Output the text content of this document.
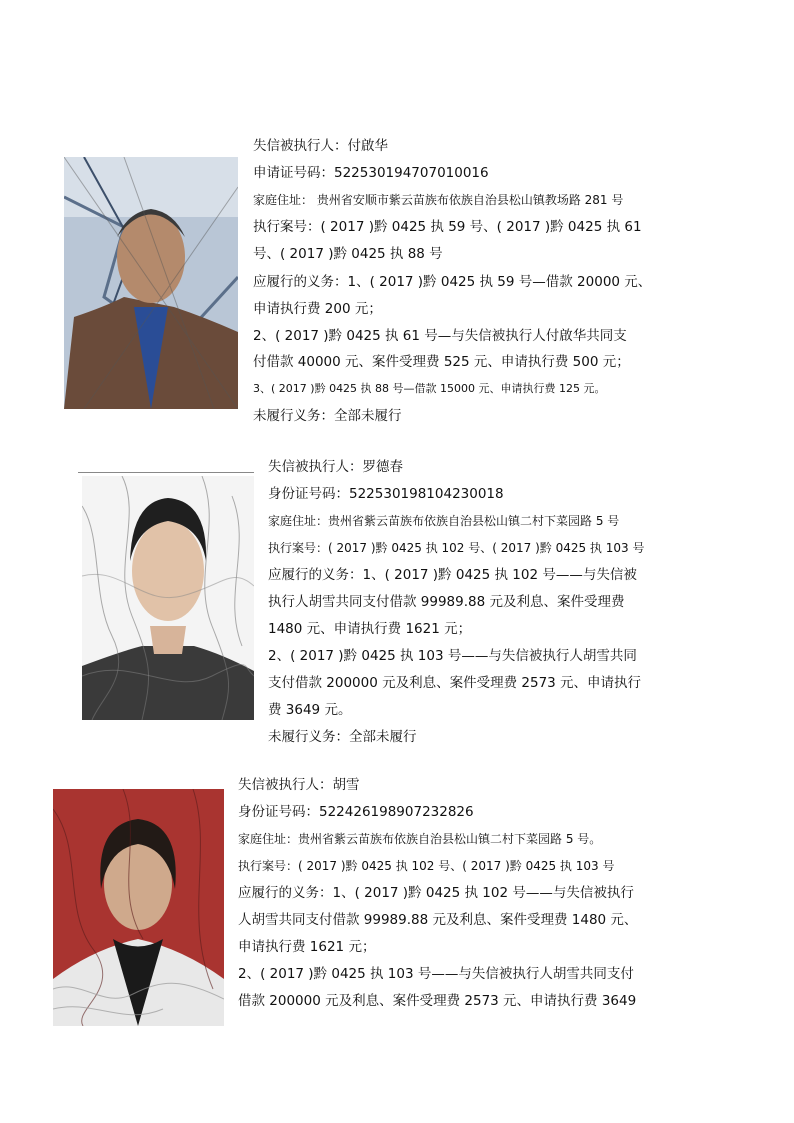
失信被执行人：付啟华
申请证号码：522530194707010016
家庭住址： 贵州省安顺市紫云苗族布依族自治县松山镇教场路 281 号
执行案号：( 2017 )黔 0425 执 59 号、( 2017 )黔 0425 执 61
号、( 2017 )黔 0425 执 88 号
应履行的义务：1、( 2017 )黔 0425 执 59 号—借款 20000 元、
申请执行费 200 元；
2、( 2017 )黔 0425 执 61 号—与失信被执行人付啟华共同支
付借款 40000 元、案件受理费 525 元、申请执行费 500 元；
3、( 2017 )黔 0425 执 88 号—借款 15000 元、申请执行费 125 元。
未履行义务：全部未履行
失信被执行人：罗德春
身份证号码：522530198104230018
家庭住址：贵州省紫云苗族布依族自治县松山镇二村下菜园路 5 号
执行案号：( 2017 )黔 0425 执 102 号、( 2017 )黔 0425 执 103 号
应履行的义务：1、( 2017 )黔 0425 执 102 号——与失信被
执行人胡雪共同支付借款 99989.88 元及利息、案件受理费
1480 元、申请执行费 1621 元；
2、( 2017 )黔 0425 执 103 号——与失信被执行人胡雪共同
支付借款 200000 元及利息、案件受理费 2573 元、申请执行
费 3649 元。
未履行义务：全部未履行
失信被执行人：胡雪
身份证号码：522426198907232826
家庭住址：贵州省紫云苗族布依族自治县松山镇二村下菜园路 5 号。
执行案号：( 2017 )黔 0425 执 102 号、( 2017 )黔 0425 执 103 号
应履行的义务：1、( 2017 )黔 0425 执 102 号——与失信被执行
人胡雪共同支付借款 99989.88 元及利息、案件受理费 1480 元、
申请执行费 1621 元；
2、( 2017 )黔 0425 执 103 号——与失信被执行人胡雪共同支付
借款 200000 元及利息、案件受理费 2573 元、申请执行费 3649
